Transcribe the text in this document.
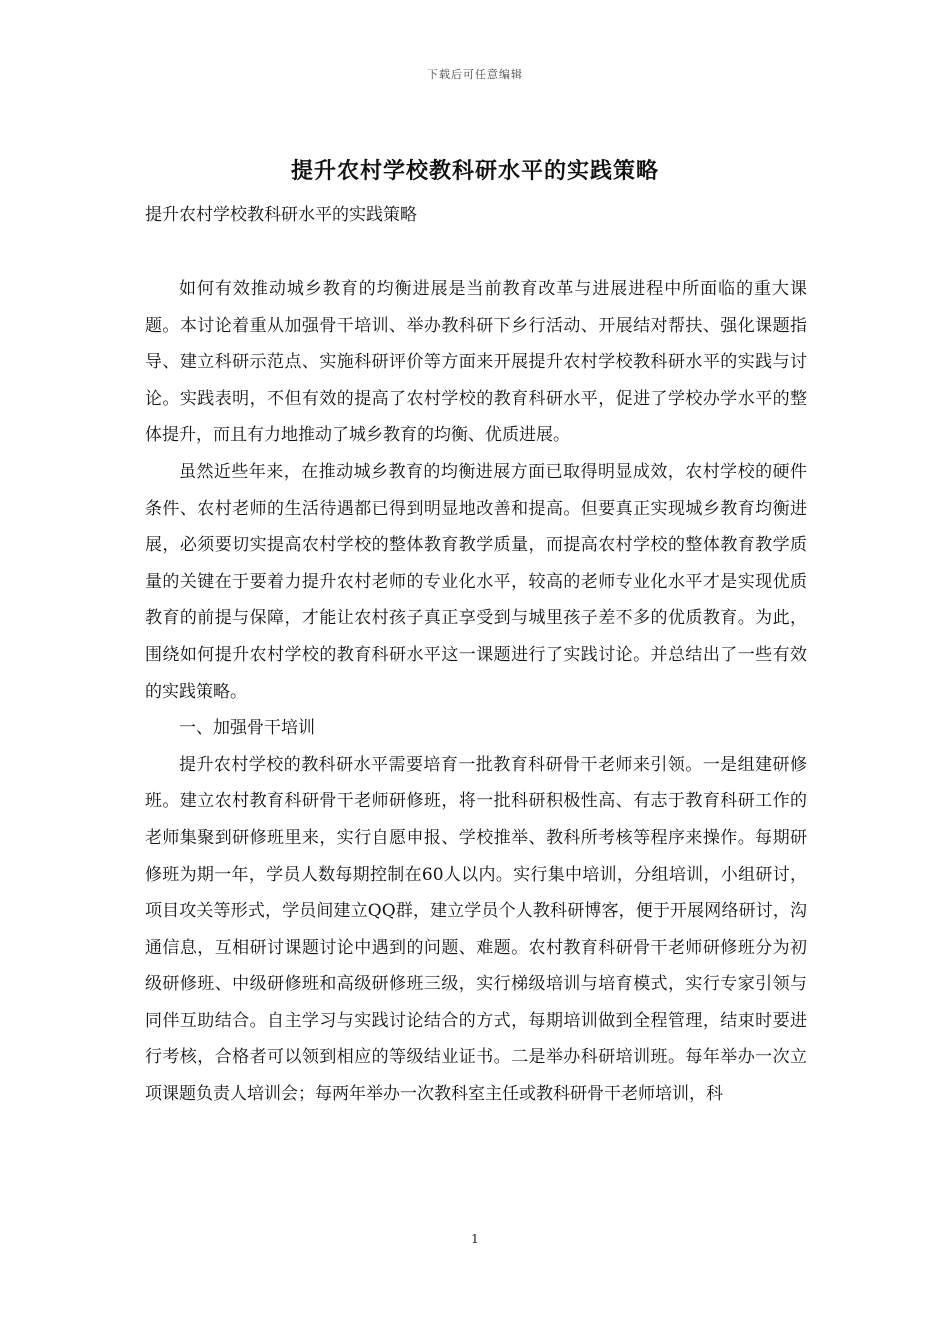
下载后可任意编辑
提升农村学校教科研水平的实践策略
提升农村学校教科研水平的实践策略

如何有效推动城乡教育的均衡进展是当前教育改革与进展进程中所面临的重大课题。本讨论着重从加强骨干培训、举办教科研下乡行活动、开展结对帮扶、强化课题指导、建立科研示范点、实施科研评价等方面来开展提升农村学校教科研水平的实践与讨论。实践表明，不但有效的提高了农村学校的教育科研水平，促进了学校办学水平的整体提升，而且有力地推动了城乡教育的均衡、优质进展。

虽然近些年来，在推动城乡教育的均衡进展方面已取得明显成效，农村学校的硬件条件、农村老师的生活待遇都已得到明显地改善和提高。但要真正实现城乡教育均衡进展，必须要切实提高农村学校的整体教育教学质量，而提高农村学校的整体教育教学质量的关键在于要着力提升农村老师的专业化水平，较高的老师专业化水平才是实现优质教育的前提与保障，才能让农村孩子真正享受到与城里孩子差不多的优质教育。为此，围绕如何提升农村学校的教育科研水平这一课题进行了实践讨论。并总结出了一些有效的实践策略。

一、加强骨干培训

提升农村学校的教科研水平需要培育一批教育科研骨干老师来引领。一是组建研修班。建立农村教育科研骨干老师研修班，将一批科研积极性高、有志于教育科研工作的老师集聚到研修班里来，实行自愿申报、学校推举、教科所考核等程序来操作。每期研修班为期一年，学员人数每期控制在60人以内。实行集中培训，分组培训，小组研讨，项目攻关等形式，学员间建立QQ群，建立学员个人教科研博客，便于开展网络研讨，沟通信息，互相研讨课题讨论中遇到的问题、难题。农村教育科研骨干老师研修班分为初级研修班、中级研修班和高级研修班三级，实行梯级培训与培育模式，实行专家引领与同伴互助结合。自主学习与实践讨论结合的方式，每期培训做到全程管理，结束时要进行考核，合格者可以领到相应的等级结业证书。二是举办科研培训班。每年举办一次立项课题负责人培训会；每两年举办一次教科室主任或教科研骨干老师培训，科

1
